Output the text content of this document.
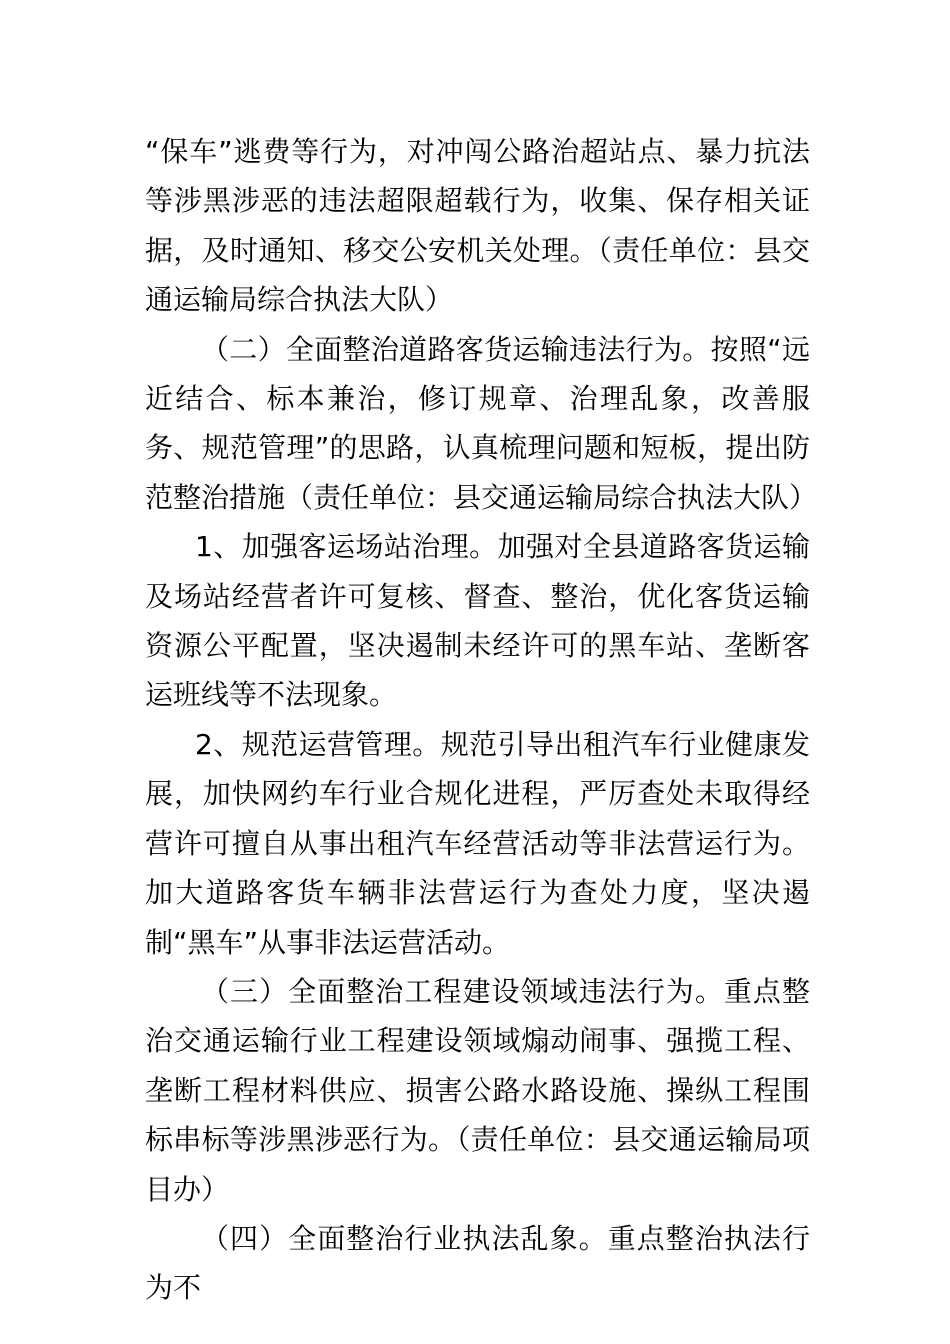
“保车”逃费等行为，对冲闯公路治超站点、暴力抗法等涉黑涉恶的违法超限超载行为，收集、保存相关证据，及时通知、移交公安机关处理。（责任单位：县交通运输局综合执法大队）

（二）全面整治道路客货运输违法行为。按照“远近结合、标本兼治，修订规章、治理乱象，改善服务、规范管理”的思路，认真梳理问题和短板，提出防范整治措施（责任单位：县交通运输局综合执法大队）

1、加强客运场站治理。加强对全县道路客货运输及场站经营者许可复核、督查、整治，优化客货运输资源公平配置，坚决遏制未经许可的黑车站、垄断客运班线等不法现象。

2、规范运营管理。规范引导出租汽车行业健康发展，加快网约车行业合规化进程，严厉查处未取得经营许可擅自从事出租汽车经营活动等非法营运行为。加大道路客货车辆非法营运行为查处力度，坚决遏制“黑车”从事非法运营活动。

（三）全面整治工程建设领域违法行为。重点整治交通运输行业工程建设领域煽动闹事、强揽工程、垄断工程材料供应、损害公路水路设施、操纵工程围标串标等涉黑涉恶行为。（责任单位：县交通运输局项目办）

（四）全面整治行业执法乱象。重点整治执法行为不
